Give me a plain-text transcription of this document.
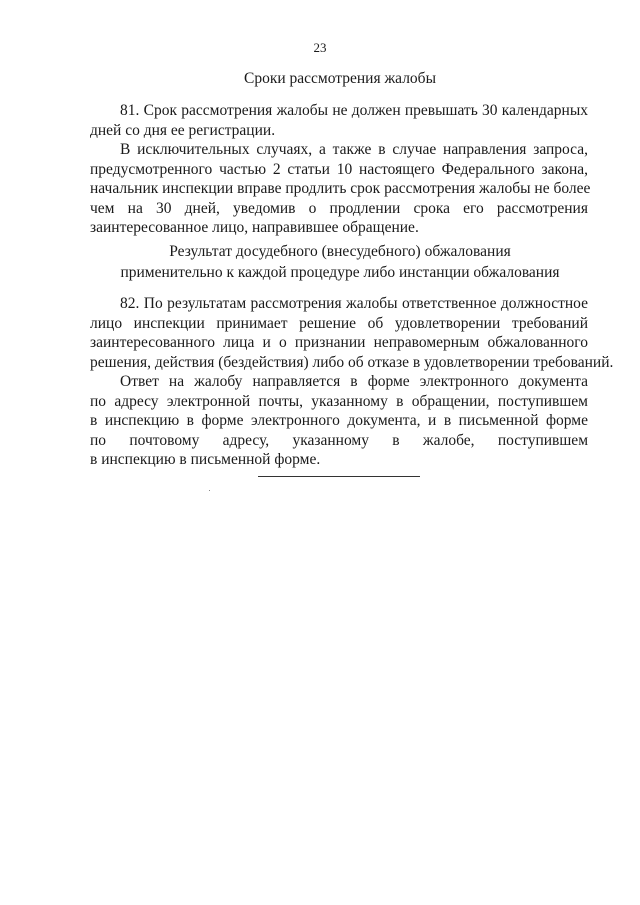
23
Сроки рассмотрения жалобы
81. Срок рассмотрения жалобы не должен превышать 30 календарных
дней со дня ее регистрации.
В исключительных случаях, а также в случае направления запроса,
предусмотренного частью 2 статьи 10 настоящего Федерального закона,
начальник инспекции вправе продлить срок рассмотрения жалобы не более
чем на 30 дней, уведомив о продлении срока его рассмотрения
заинтересованное лицо, направившее обращение.
Результат досудебного (внесудебного) обжалования
применительно к каждой процедуре либо инстанции обжалования
82. По результатам рассмотрения жалобы ответственное должностное
лицо инспекции принимает решение об удовлетворении требований
заинтересованного лица и о признании неправомерным обжалованного
решения, действия (бездействия) либо об отказе в удовлетворении требований.
Ответ на жалобу направляется в форме электронного документа
по адресу электронной почты, указанному в обращении, поступившем
в инспекцию в форме электронного документа, и в письменной форме
по почтовому адресу, указанному в жалобе, поступившем
в инспекцию в письменной форме.
